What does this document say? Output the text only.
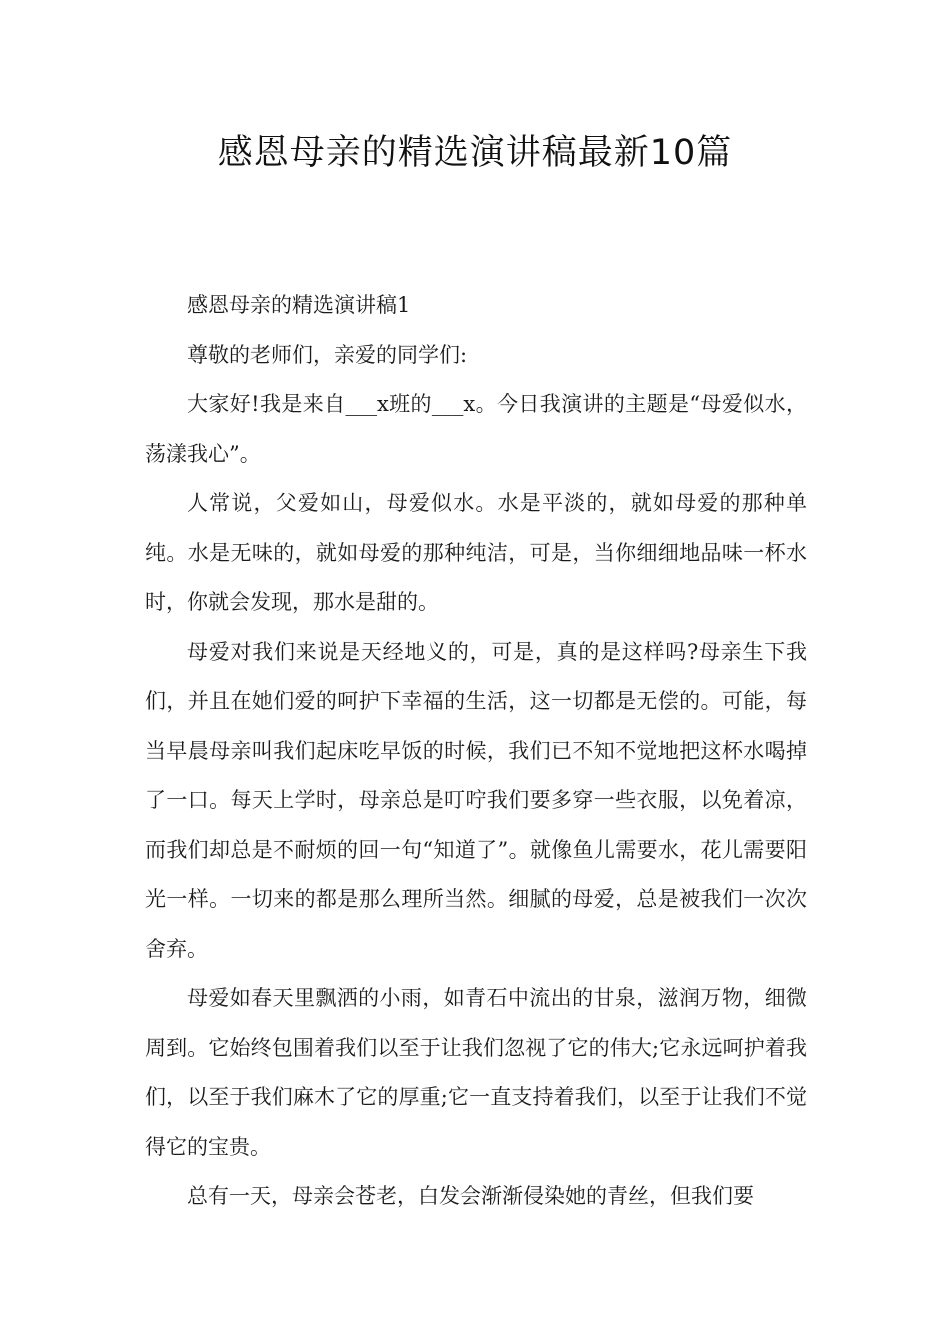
感恩母亲的精选演讲稿最新10篇

感恩母亲的精选演讲稿1

尊敬的老师们，亲爱的同学们:

大家好!我是来自___x班的___x。今日我演讲的主题是“母爱似水，荡漾我心”。

人常说，父爱如山，母爱似水。水是平淡的，就如母爱的那种单纯。水是无味的，就如母爱的那种纯洁，可是，当你细细地品味一杯水时，你就会发现，那水是甜的。

母爱对我们来说是天经地义的，可是，真的是这样吗?母亲生下我们，并且在她们爱的呵护下幸福的生活，这一切都是无偿的。可能，每当早晨母亲叫我们起床吃早饭的时候，我们已不知不觉地把这杯水喝掉了一口。每天上学时，母亲总是叮咛我们要多穿一些衣服，以免着凉，而我们却总是不耐烦的回一句“知道了”。就像鱼儿需要水，花儿需要阳光一样。一切来的都是那么理所当然。细腻的母爱，总是被我们一次次舍弃。

母爱如春天里飘洒的小雨，如青石中流出的甘泉，滋润万物，细微周到。它始终包围着我们以至于让我们忽视了它的伟大;它永远呵护着我们，以至于我们麻木了它的厚重;它一直支持着我们，以至于让我们不觉得它的宝贵。

总有一天，母亲会苍老，白发会渐渐侵染她的青丝，但我们要
